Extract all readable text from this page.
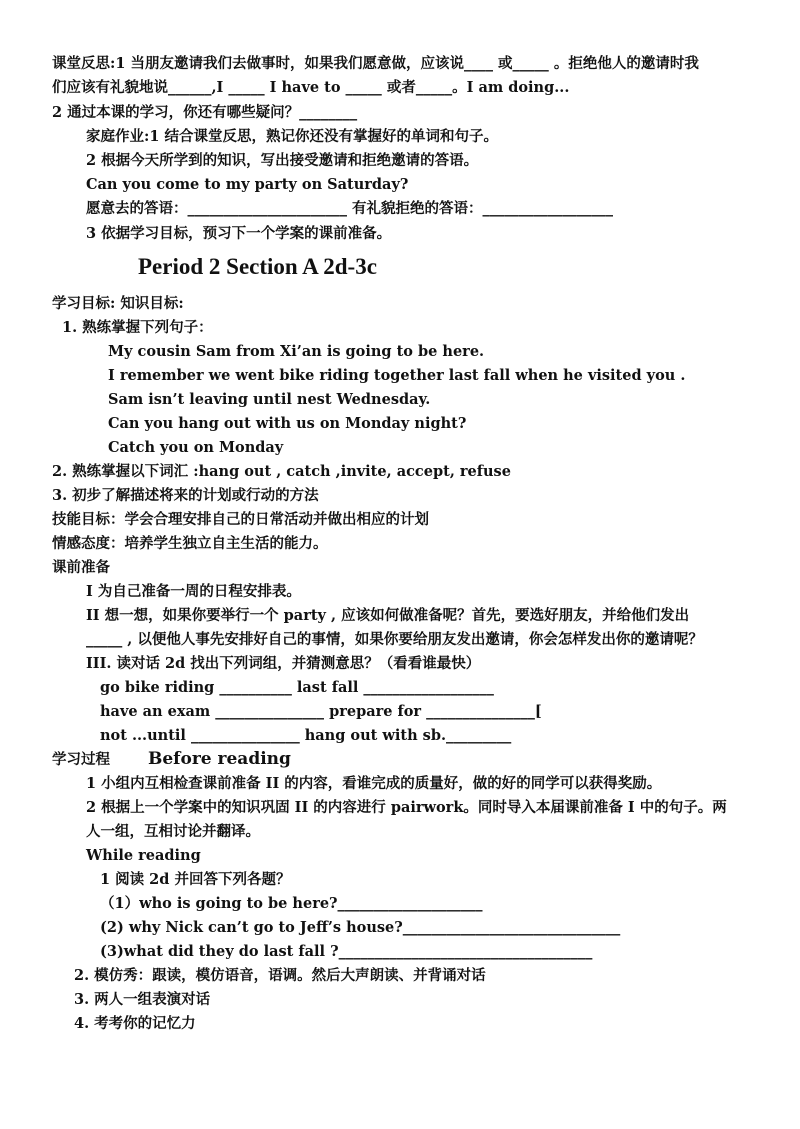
课堂反思:1 当朋友邀请我们去做事时，如果我们愿意做，应该说____ 或_____ 。拒绝他人的邀请时我
们应该有礼貌地说______,I _____ I have to _____ 或者_____。I am doing...
2 通过本课的学习，你还有哪些疑问？________
家庭作业:1 结合课堂反思，熟记你还没有掌握好的单词和句子。
2 根据今天所学到的知识，写出接受邀请和拒绝邀请的答语。
Can you come to my party on Saturday?
愿意去的答语：______________________ 有礼貌拒绝的答语：__________________
3 依据学习目标，预习下一个学案的课前准备。
Period 2 Section A 2d-3c
学习目标: 知识目标:
1. 熟练掌握下列句子：
My cousin Sam from Xi’an is going to be here.
I remember we went bike riding together last fall when he visited you .
Sam isn’t leaving until nest Wednesday.
Can you hang out with us on Monday night?
Catch you on Monday
2. 熟练掌握以下词汇 :hang out , catch ,invite, accept, refuse
3. 初步了解描述将来的计划或行动的方法
技能目标：学会合理安排自己的日常活动并做出相应的计划
情感态度：培养学生独立自主生活的能力。
课前准备
I 为自己准备一周的日程安排表。
II 想一想，如果你要举行一个 party , 应该如何做准备呢？首先，要选好朋友，并给他们发出
_____ , 以便他人事先安排好自己的事情，如果你要给朋友发出邀请，你会怎样发出你的邀请呢？
III. 读对话 2d 找出下列词组，并猜测意思？（看看谁最快）
go bike riding __________ last fall __________________
have an exam _______________ prepare for _______________[
not ...until _______________ hang out with sb._________
学习过程 Before reading
1 小组内互相检查课前准备 II 的内容，看谁完成的质量好，做的好的同学可以获得奖励。
2 根据上一个学案中的知识巩固 II 的内容进行 pairwork。同时导入本届课前准备 I 中的句子。两
人一组，互相讨论并翻译。
While reading
1 阅读 2d 并回答下列各题？
（1）who is going to be here?____________________
(2) why Nick can’t go to Jeff’s house?______________________________
(3)what did they do last fall ?___________________________________
2. 模仿秀：跟读，模仿语音，语调。然后大声朗读、并背诵对话
3. 两人一组表演对话
4. 考考你的记忆力
